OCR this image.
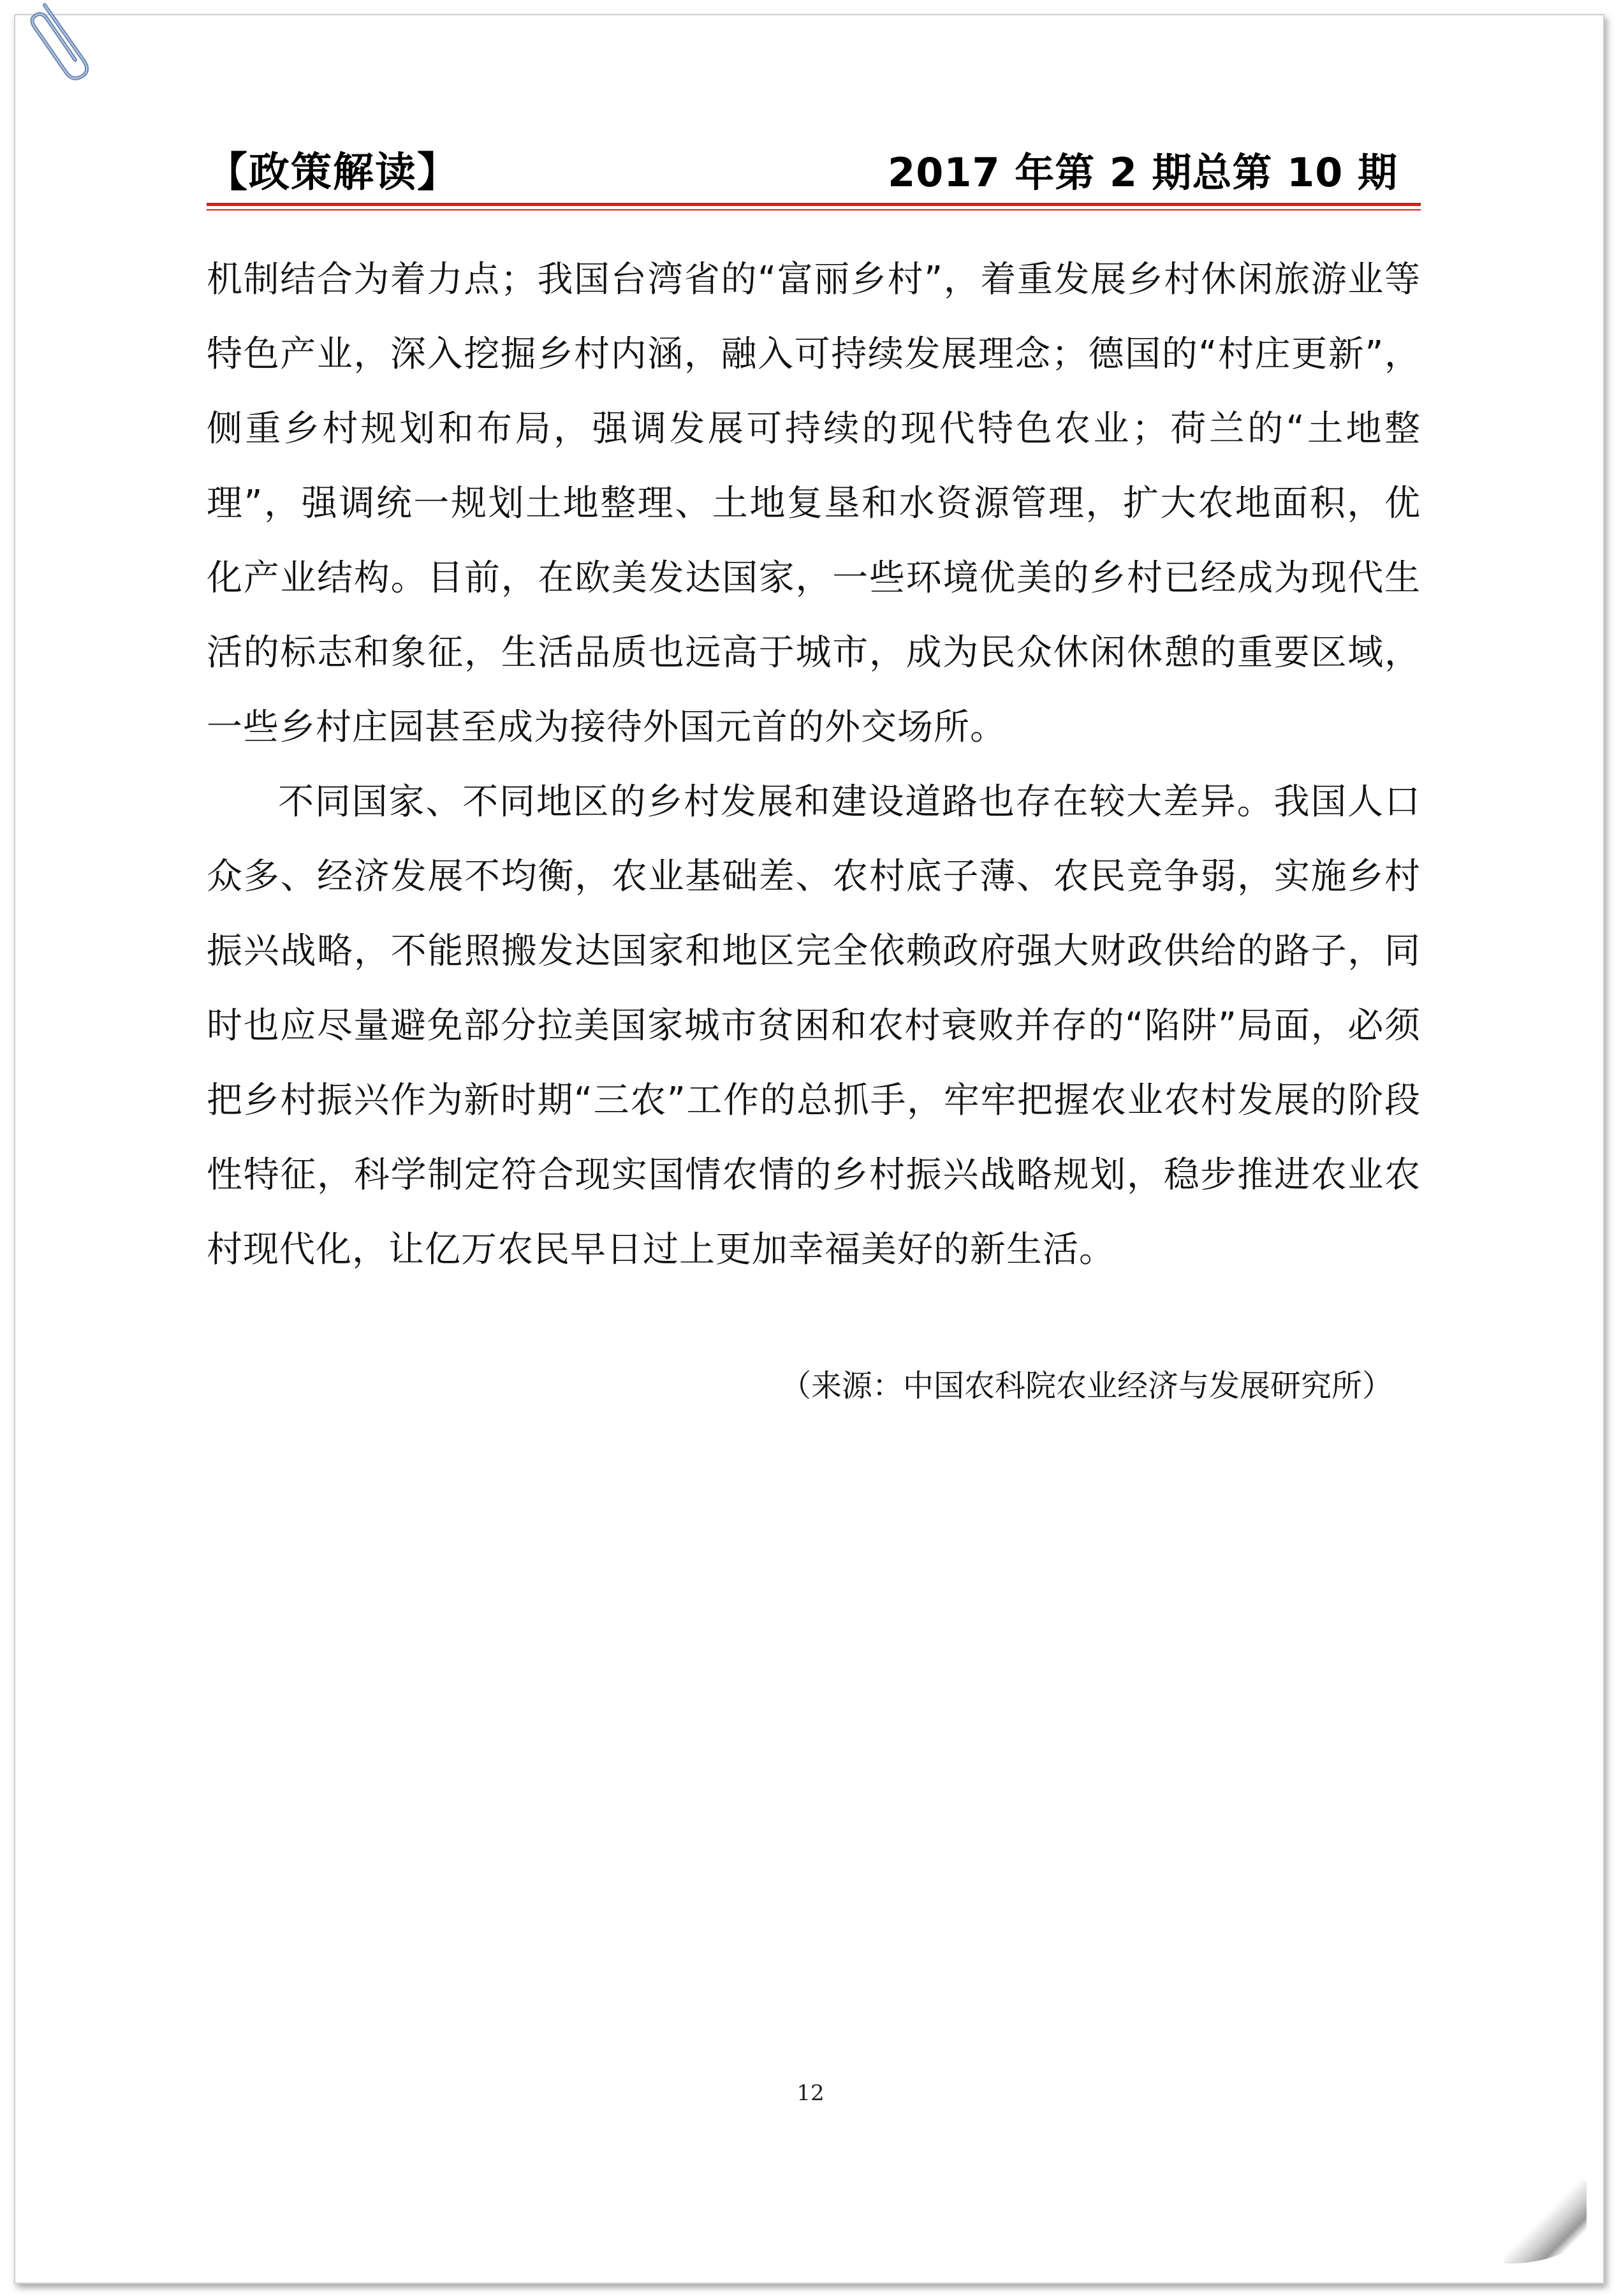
【政策解读】	2017 年第 2 期总第 10 期

机制结合为着力点；我国台湾省的“富丽乡村”，着重发展乡村休闲旅游业等特色产业，深入挖掘乡村内涵，融入可持续发展理念；德国的“村庄更新”，侧重乡村规划和布局，强调发展可持续的现代特色农业；荷兰的“土地整理”，强调统一规划土地整理、土地复垦和水资源管理，扩大农地面积，优化产业结构。目前，在欧美发达国家，一些环境优美的乡村已经成为现代生活的标志和象征，生活品质也远高于城市，成为民众休闲休憩的重要区域，一些乡村庄园甚至成为接待外国元首的外交场所。

不同国家、不同地区的乡村发展和建设道路也存在较大差异。我国人口众多、经济发展不均衡，农业基础差、农村底子薄、农民竞争弱，实施乡村振兴战略，不能照搬发达国家和地区完全依赖政府强大财政供给的路子，同时也应尽量避免部分拉美国家城市贫困和农村衰败并存的“陷阱”局面，必须把乡村振兴作为新时期“三农”工作的总抓手，牢牢把握农业农村发展的阶段性特征，科学制定符合现实国情农情的乡村振兴战略规划，稳步推进农业农村现代化，让亿万农民早日过上更加幸福美好的新生活。

（来源：中国农科院农业经济与发展研究所）
12
